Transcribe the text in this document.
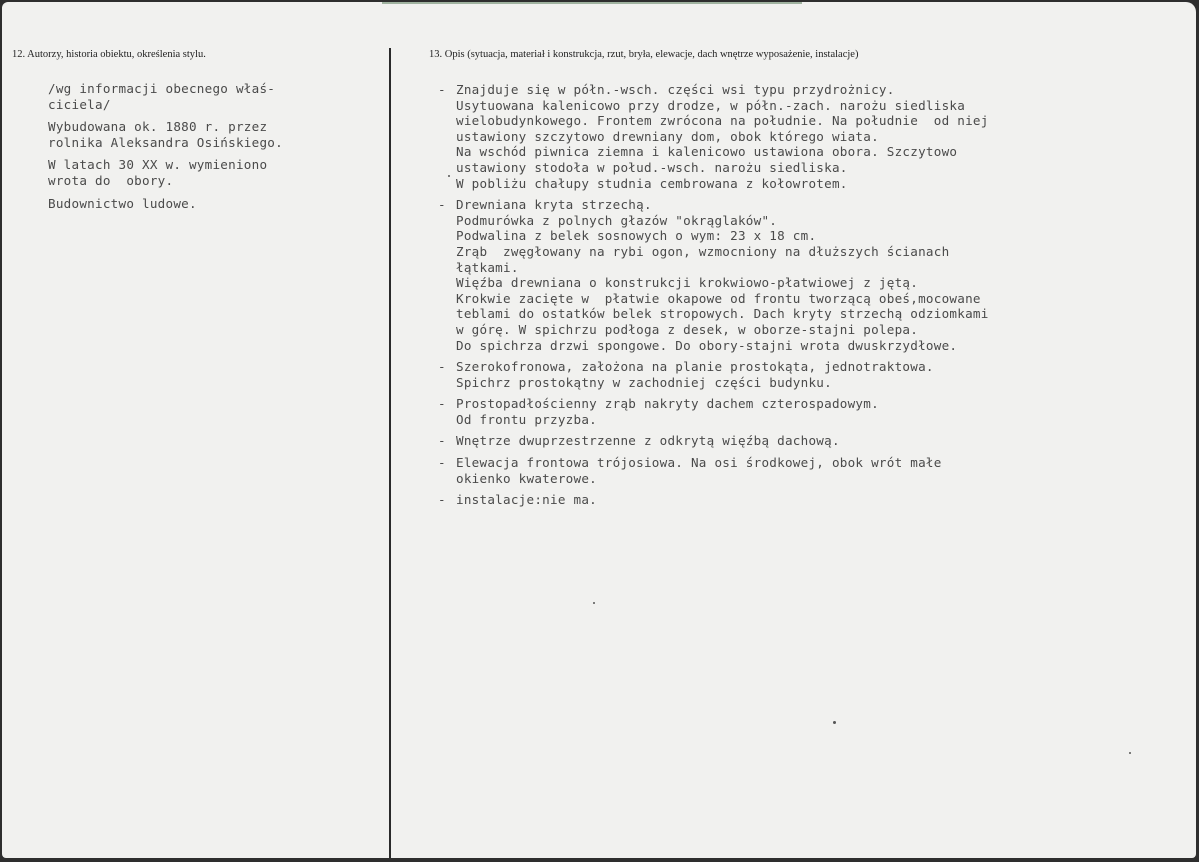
12. Autorzy, historia obiektu, określenia stylu.	13. Opis (sytuacja, materiał i konstrukcja, rzut, bryła, elewacje, dach wnętrze wyposażenie, instalacje)

/wg informacji obecnego właś-

ciciela/

Wybudowana ok. 1880 r. przez

rolnika Aleksandra Osińskiego.

W latach 30 XX w. wymieniono

wrota do  obory.

Budownictwo ludowe.

- Znajduje się w półn.-wsch. części wsi typu przydrożnicy.

Usytuowana kalenicowo przy drodze, w półn.-zach. narożu siedliska

wielobudynkowego. Frontem zwrócona na południe. Na południe  od niej

ustawiony szczytowo drewniany dom, obok którego wiata.

Na wschód piwnica ziemna i kalenicowo ustawiona obora. Szczytowo

ustawiony stodoła w połud.-wsch. narożu siedliska.

W pobliżu chałupy studnia cembrowana z kołowrotem.

- Drewniana kryta strzechą.

Podmurówka z polnych głazów "okrąglaków".

Podwalina z belek sosnowych o wym: 23 x 18 cm.

Zrąb  zwęgłowany na rybi ogon, wzmocniony na dłuższych ścianach

łątkami.

Więźba drewniana o konstrukcji krokwiowo-płatwiowej z jętą.

Krokwie zacięte w  płatwie okapowe od frontu tworzącą obeś,mocowane

teblami do ostatków belek stropowych. Dach kryty strzechą odziomkami

w górę. W spichrzu podłoga z desek, w oborze-stajni polepa.

Do spichrza drzwi spongowe. Do obory-stajni wrota dwuskrzydłowe.

- Szerokofronowa, założona na planie prostokąta, jednotraktowa.

Spichrz prostokątny w zachodniej części budynku.

- Prostopadłościenny zrąb nakryty dachem czterospadowym.

Od frontu przyzba.

- Wnętrze dwuprzestrzenne z odkrytą więźbą dachową.

- Elewacja frontowa trójosiowa. Na osi środkowej, obok wrót małe

okienko kwaterowe.

- instalacje:nie ma.
